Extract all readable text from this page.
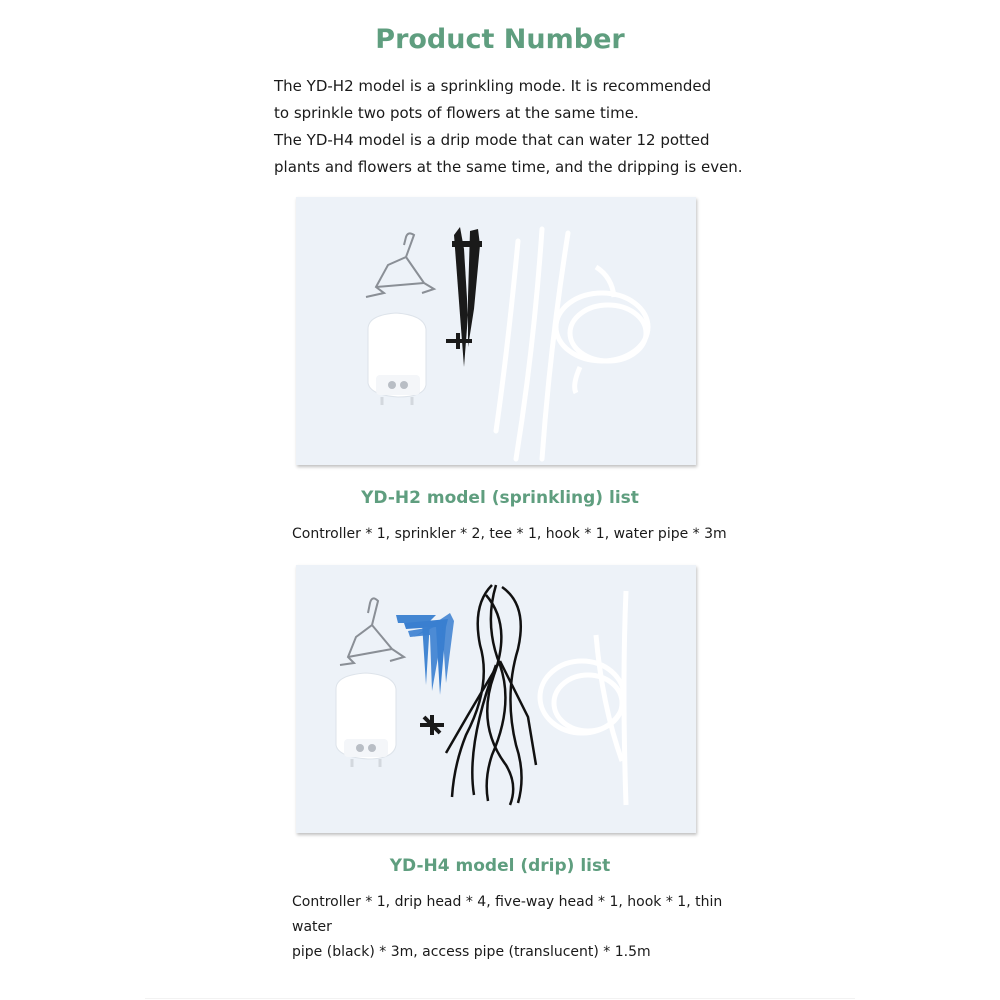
Product Number

The YD-H2 model is a sprinkling mode. It is recommended

to sprinkle two pots of flowers at the same time.

The YD-H4 model is a drip mode that can water 12 potted

plants and flowers at the same time, and the dripping is even.

YD-H2 model (sprinkling) list

Controller * 1, sprinkler * 2, tee * 1, hook * 1, water pipe * 3m

YD-H4 model (drip) list
Controller * 1, drip head * 4, five-way head * 1, hook * 1, thin water
pipe (black) * 3m, access pipe (translucent) * 1.5m
